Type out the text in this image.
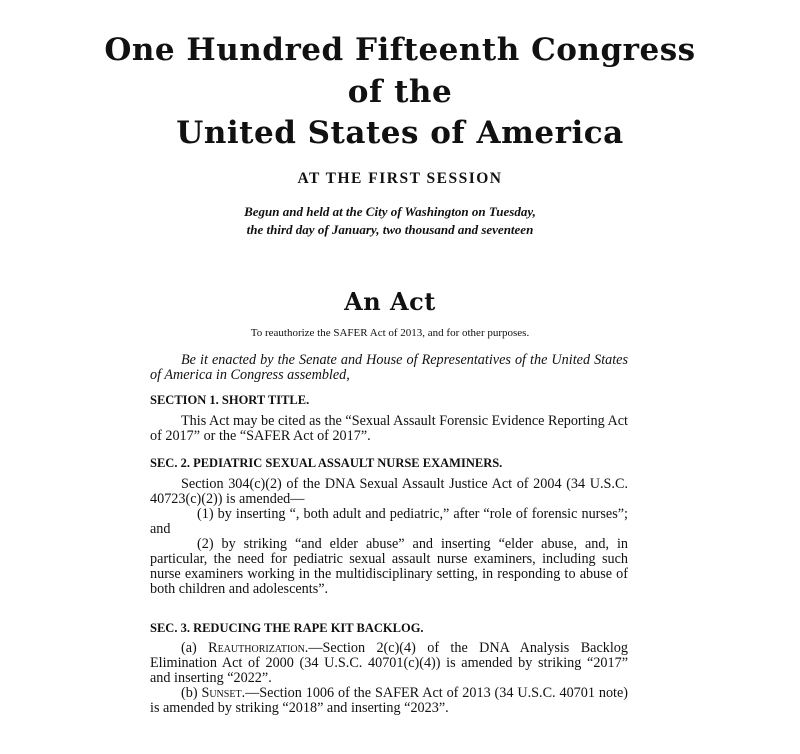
One Hundred Fifteenth Congress
of the
United States of America
AT THE FIRST SESSION
Begun and held at the City of Washington on Tuesday,
the third day of January, two thousand and seventeen
An Act
To reauthorize the SAFER Act of 2013, and for other purposes.
Be it enacted by the Senate and House of Representatives of the United States of America in Congress assembled,
SECTION 1. SHORT TITLE.
This Act may be cited as the “Sexual Assault Forensic Evidence Reporting Act of 2017” or the “SAFER Act of 2017”.
SEC. 2. PEDIATRIC SEXUAL ASSAULT NURSE EXAMINERS.
Section 304(c)(2) of the DNA Sexual Assault Justice Act of 2004 (34 U.S.C. 40723(c)(2)) is amended—
(1) by inserting “, both adult and pediatric,” after “role of forensic nurses”; and
(2) by striking “and elder abuse” and inserting “elder abuse, and, in particular, the need for pediatric sexual assault nurse examiners, including such nurse examiners working in the multidisciplinary setting, in responding to abuse of both children and adolescents”.
SEC. 3. REDUCING THE RAPE KIT BACKLOG.
(a) Reauthorization.—Section 2(c)(4) of the DNA Analysis Backlog Elimination Act of 2000 (34 U.S.C. 40701(c)(4)) is amended by striking “2017” and inserting “2022”.
(b) Sunset.—Section 1006 of the SAFER Act of 2013 (34 U.S.C. 40701 note) is amended by striking “2018” and inserting “2023”.
